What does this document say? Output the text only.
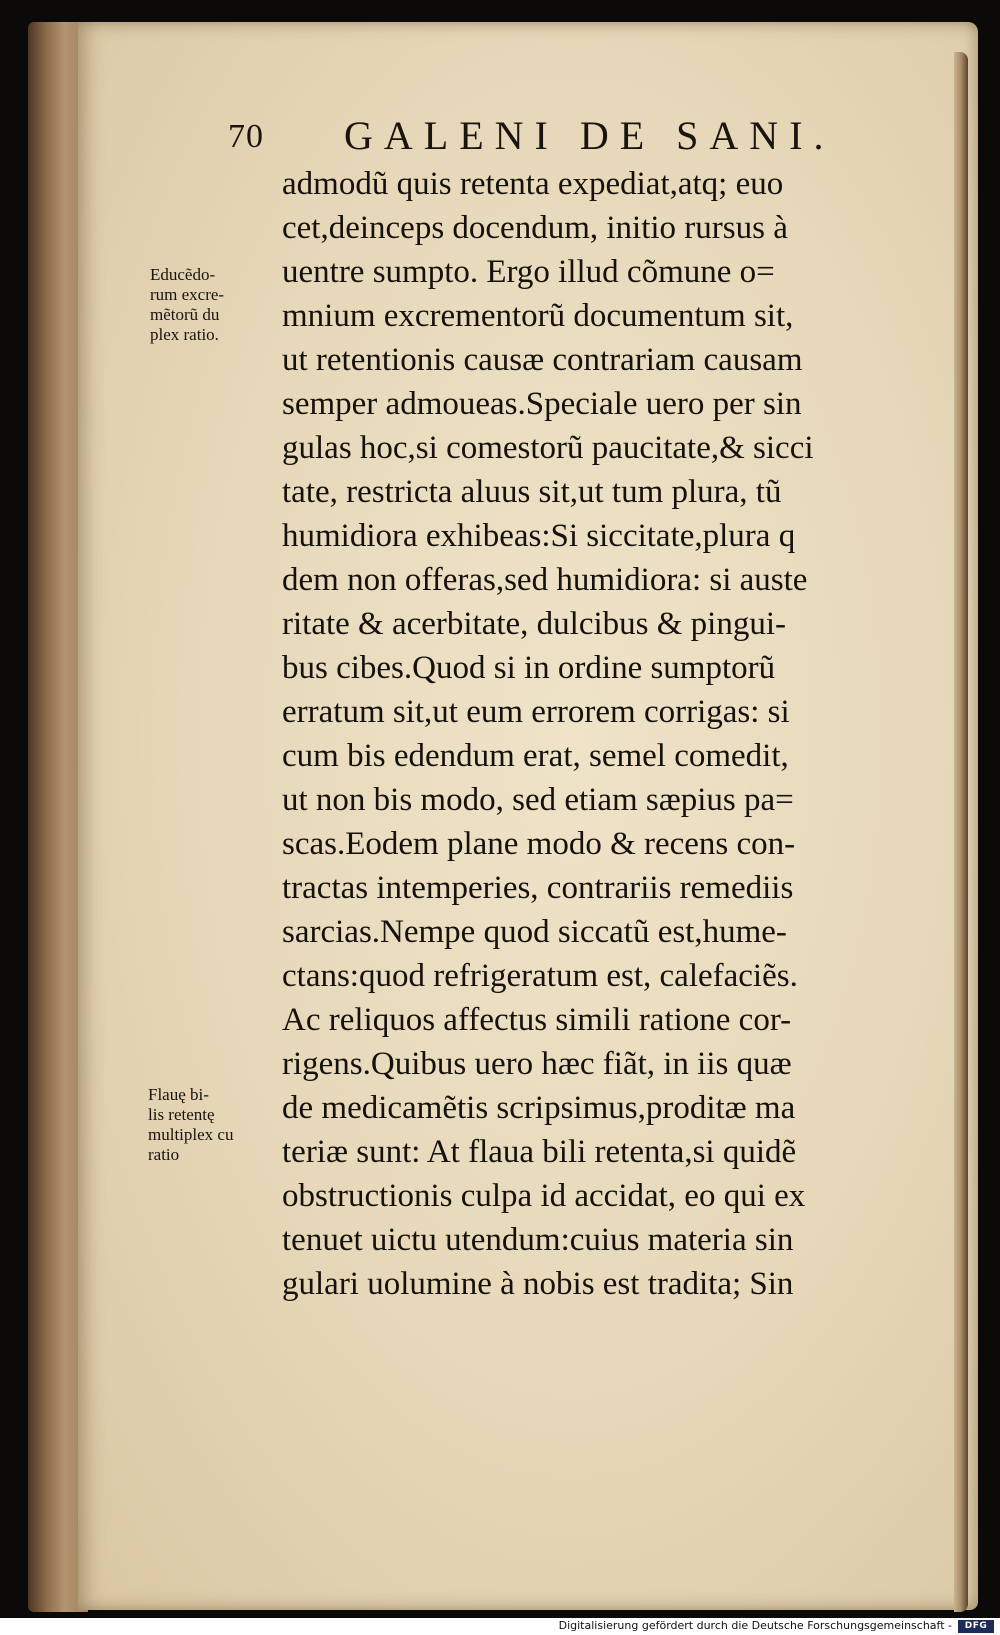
70 GALENI DE SANI.
Educẽdo-
rum excre-
mẽtorũ du
plex ratio.
Flauę bi-
lis retentę
multiplex cu
ratio
admodũ quis retenta expediat,atq; euo
cet,deinceps docendum, initio rursus à
uentre sumpto. Ergo illud cõmune o=
mnium excrementorũ documentum sit,
ut retentionis causæ contrariam causam
semper admoueas.Speciale uero per sin
gulas hoc,si comestorũ paucitate,& sicci
tate, restricta aluus sit,ut tum plura, tũ
humidiora exhibeas:Si siccitate,plura q
dem non offeras,sed humidiora: si auste
ritate & acerbitate, dulcibus & pingui-
bus cibes.Quod si in ordine sumptorũ
erratum sit,ut eum errorem corrigas: si
cum bis edendum erat, semel comedit,
ut non bis modo, sed etiam sæpius pa=
scas.Eodem plane modo & recens con-
tractas intemperies, contrariis remediis
sarcias.Nempe quod siccatũ est,hume-
ctans:quod refrigeratum est, calefaciẽs.
Ac reliquos affectus simili ratione cor-
rigens.Quibus uero hæc fiãt, in iis quæ
de medicamẽtis scripsimus,proditæ ma
teriæ sunt: At flaua bili retenta,si quidẽ
obstructionis culpa id accidat, eo qui ex
tenuet uictu utendum:cuius materia sin
gulari uolumine à nobis est tradita; Sin
Digitalisierung gefördert durch die Deutsche Forschungsgemeinschaft -	DFG
